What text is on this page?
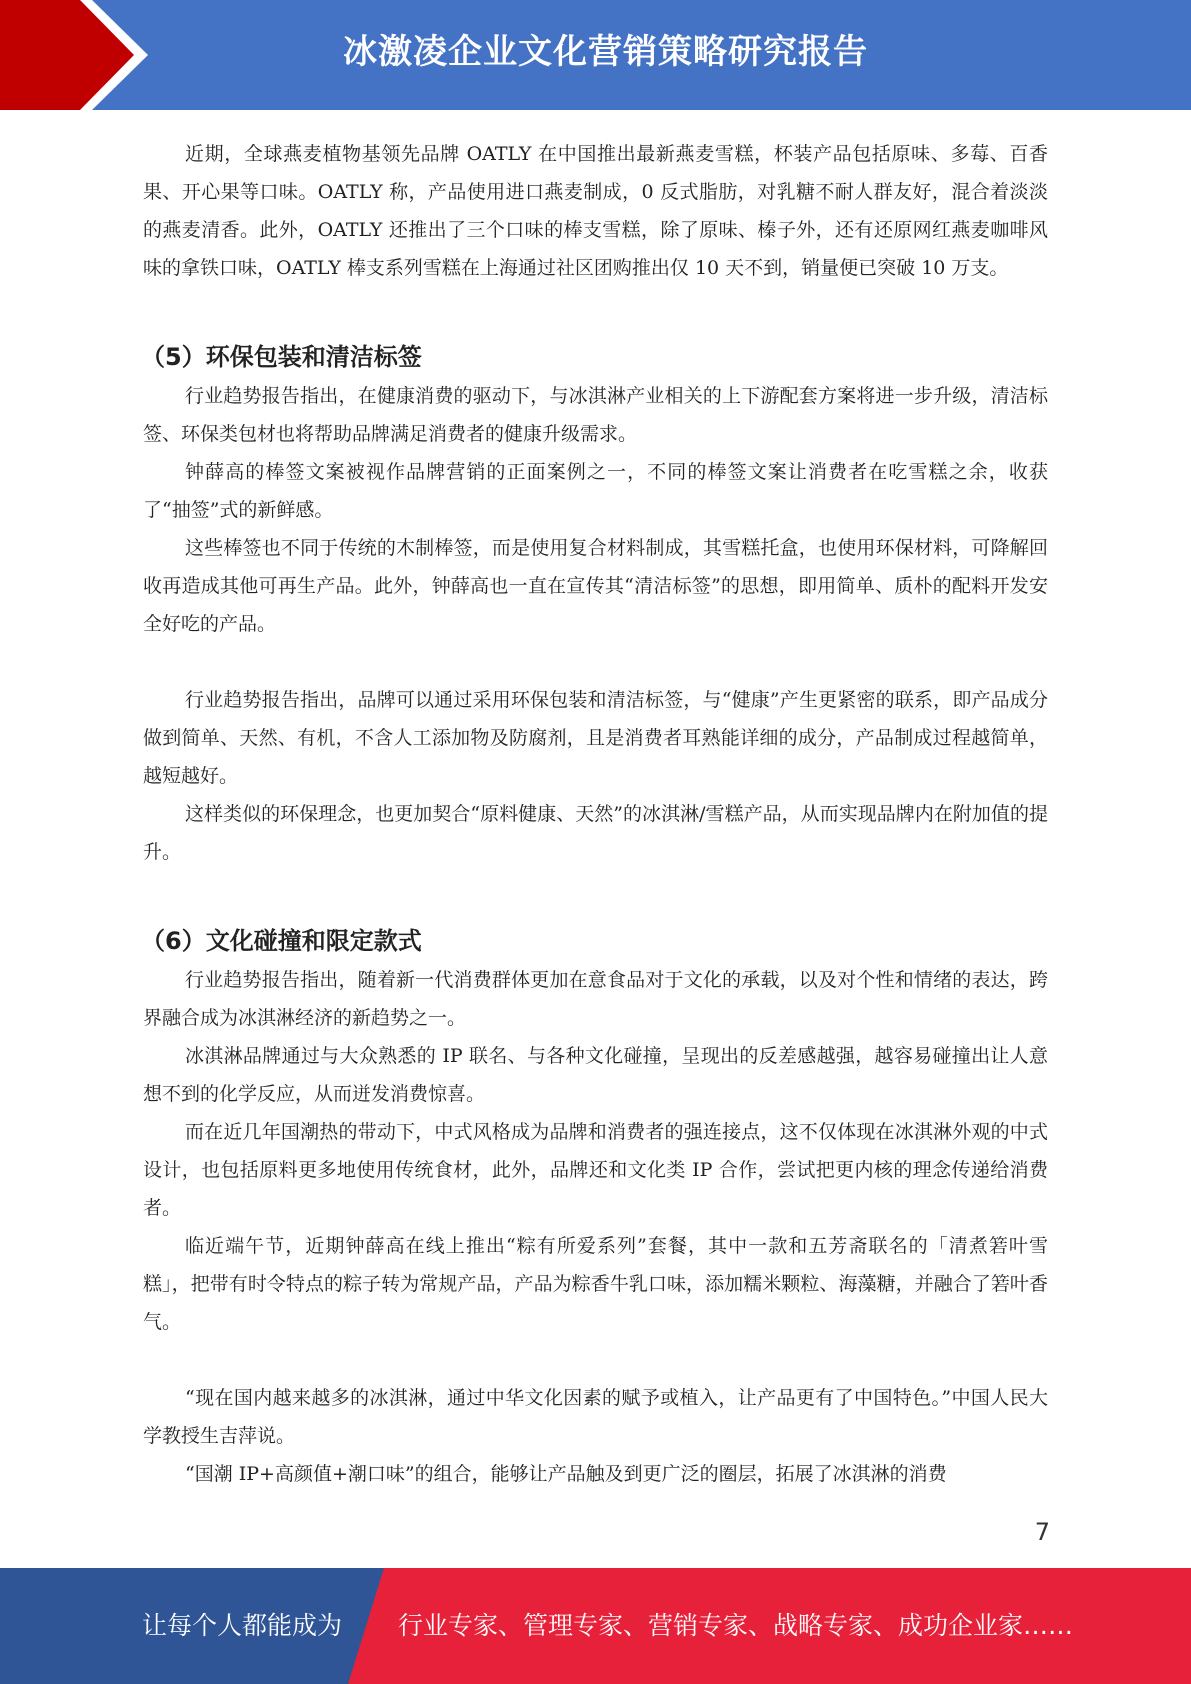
冰激凌企业文化营销策略研究报告

近期，全球燕麦植物基领先品牌 OATLY 在中国推出最新燕麦雪糕，杯装产品包括原味、多莓、百香果、开心果等口味。OATLY 称，产品使用进口燕麦制成，0 反式脂肪，对乳糖不耐人群友好，混合着淡淡的燕麦清香。此外，OATLY 还推出了三个口味的棒支雪糕，除了原味、榛子外，还有还原网红燕麦咖啡风味的拿铁口味，OATLY 棒支系列雪糕在上海通过社区团购推出仅 10 天不到，销量便已突破 10 万支。

（5）环保包装和清洁标签

行业趋势报告指出，在健康消费的驱动下，与冰淇淋产业相关的上下游配套方案将进一步升级，清洁标签、环保类包材也将帮助品牌满足消费者的健康升级需求。

钟薛高的棒签文案被视作品牌营销的正面案例之一，不同的棒签文案让消费者在吃雪糕之余，收获了“抽签”式的新鲜感。

这些棒签也不同于传统的木制棒签，而是使用复合材料制成，其雪糕托盒，也使用环保材料，可降解回收再造成其他可再生产品。此外，钟薛高也一直在宣传其“清洁标签”的思想，即用简单、质朴的配料开发安全好吃的产品。

行业趋势报告指出，品牌可以通过采用环保包装和清洁标签，与“健康”产生更紧密的联系，即产品成分做到简单、天然、有机，不含人工添加物及防腐剂，且是消费者耳熟能详细的成分，产品制成过程越简单，越短越好。

这样类似的环保理念，也更加契合“原料健康、天然”的冰淇淋/雪糕产品，从而实现品牌内在附加值的提升。

（6）文化碰撞和限定款式

行业趋势报告指出，随着新一代消费群体更加在意食品对于文化的承载，以及对个性和情绪的表达，跨界融合成为冰淇淋经济的新趋势之一。

冰淇淋品牌通过与大众熟悉的 IP 联名、与各种文化碰撞，呈现出的反差感越强，越容易碰撞出让人意想不到的化学反应，从而迸发消费惊喜。

而在近几年国潮热的带动下，中式风格成为品牌和消费者的强连接点，这不仅体现在冰淇淋外观的中式设计，也包括原料更多地使用传统食材，此外，品牌还和文化类 IP 合作，尝试把更内核的理念传递给消费者。

临近端午节，近期钟薛高在线上推出“粽有所爱系列”套餐，其中一款和五芳斋联名的「清煮箬叶雪糕」，把带有时令特点的粽子转为常规产品，产品为粽香牛乳口味，添加糯米颗粒、海藻糖，并融合了箬叶香气。

“现在国内越来越多的冰淇淋，通过中华文化因素的赋予或植入，让产品更有了中国特色。”中国人民大学教授生吉萍说。

“国潮 IP+高颜值+潮口味”的组合，能够让产品触及到更广泛的圈层，拓展了冰淇淋的消费

7
让每个人都能成为 行业专家、管理专家、营销专家、战略专家、成功企业家……
